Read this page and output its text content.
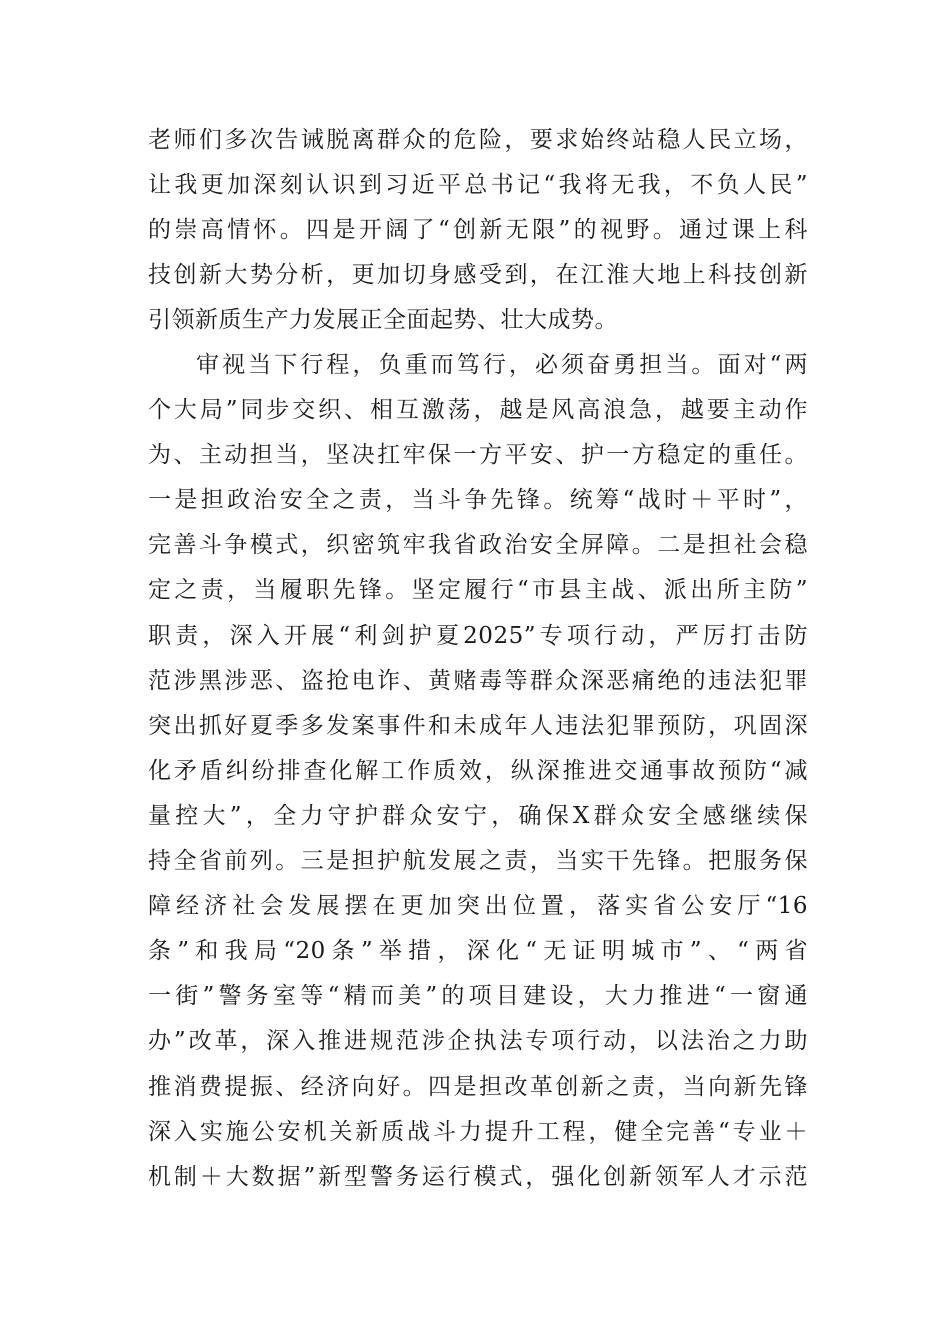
老师们多次告诫脱离群众的危险，要求始终站稳人民立场，
让我更加深刻认识到习近平总书记“我将无我，不负人民”
的崇高情怀。四是开阔了“创新无限”的视野。通过课上科
技创新大势分析，更加切身感受到，在江淮大地上科技创新
引领新质生产力发展正全面起势、壮大成势。
审视当下行程，负重而笃行，必须奋勇担当。面对“两
个大局”同步交织、相互激荡，越是风高浪急，越要主动作
为、主动担当，坚决扛牢保一方平安、护一方稳定的重任。
一是担政治安全之责，当斗争先锋。统筹“战时＋平时”，
完善斗争模式，织密筑牢我省政治安全屏障。二是担社会稳
定之责，当履职先锋。坚定履行“市县主战、派出所主防”
职责，深入开展“利剑护夏2025”专项行动，严厉打击防
范涉黑涉恶、盗抢电诈、黄赌毒等群众深恶痛绝的违法犯罪
突出抓好夏季多发案事件和未成年人违法犯罪预防，巩固深
化矛盾纠纷排查化解工作质效，纵深推进交通事故预防“减
量控大”，全力守护群众安宁，确保X群众安全感继续保
持全省前列。三是担护航发展之责，当实干先锋。把服务保
障经济社会发展摆在更加突出位置，落实省公安厅“16
条”和我局“20条”举措，深化“无证明城市”、“两省
一街”警务室等“精而美”的项目建设，大力推进“一窗通
办”改革，深入推进规范涉企执法专项行动，以法治之力助
推消费提振、经济向好。四是担改革创新之责，当向新先锋
深入实施公安机关新质战斗力提升工程，健全完善“专业＋
机制＋大数据”新型警务运行模式，强化创新领军人才示范
